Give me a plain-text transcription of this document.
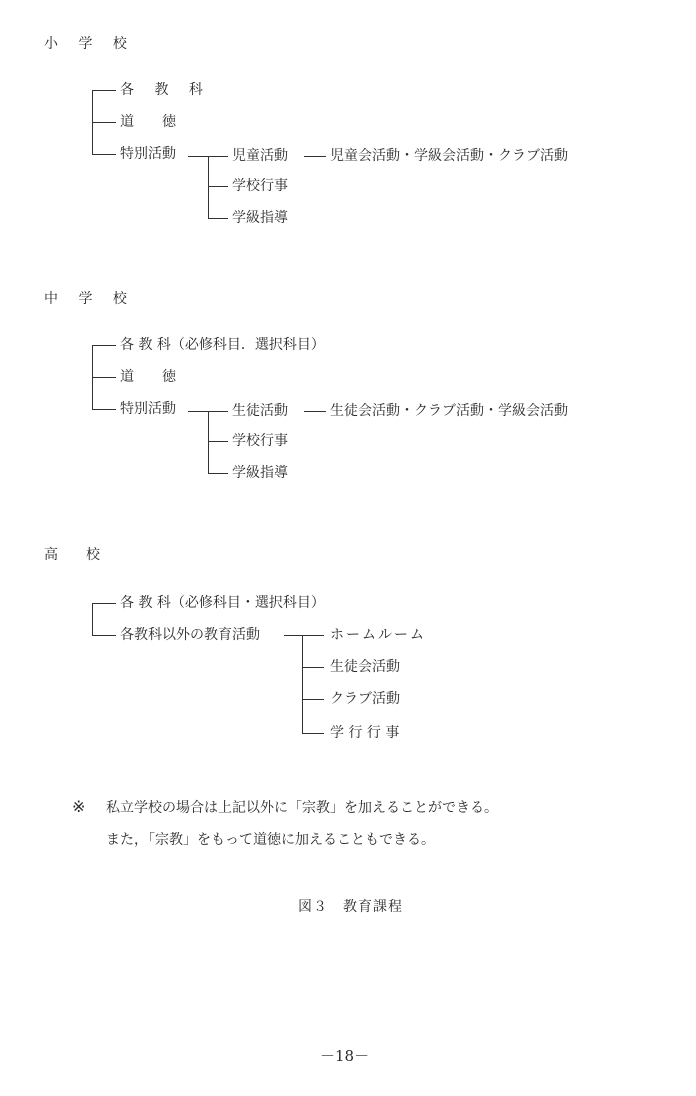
小 学 校
各 教 科
道　　徳
特別活動	児童活動
学校行事
学級指導
児童会活動・学級会活動・クラブ活動
中 学 校
各 教 科（必修科目．選択科目）
道　　徳
特別活動	生徒活動
学校行事
学級指導
生徒会活動・クラブ活動・学級会活動
高　　校
各 教 科（必修科目・選択科目）
各教科以外の教育活動	ホームルーム
生徒会活動
クラブ活動
学 行 行 事
※ 私立学校の場合は上記以外に「宗教」を加えることができる。
また，「宗教」をもって道徳に加えることもできる。
図３　教育課程
－18－
